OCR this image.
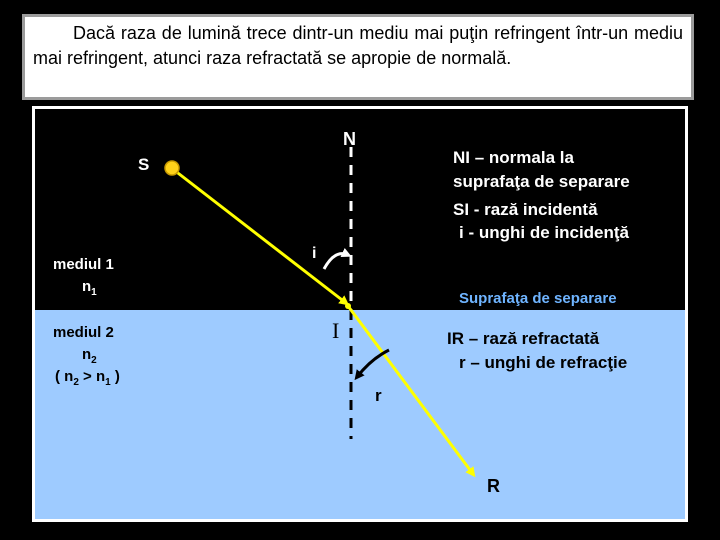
Dacă raza de lumină trece dintr-un mediu mai puţin refringent într-un mediu mai refringent, atunci raza refractată se apropie de normală.

N
S
i
I
r
R
mediul 1
$n_1$
mediul 2
$n_2$
( $n_2 > n_1$ )
NI – normala la
suprafaţa de separare
SI - rază incidentă
i - unghi de incidenţă
Suprafaţa de separare
IR – rază refractată
r – unghi de refracţie
